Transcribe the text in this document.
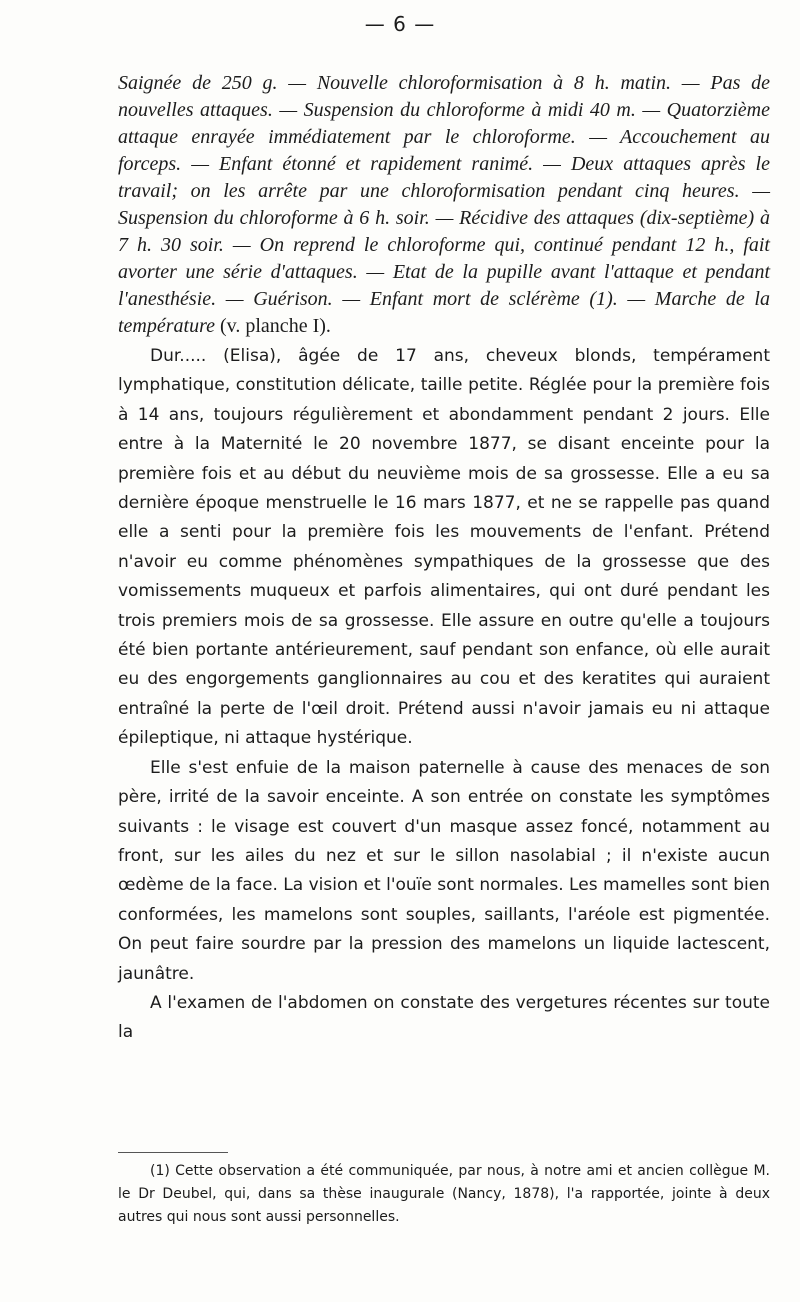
— 6 —

Saignée de 250 g. — Nouvelle chloroformisation à 8 h. matin. — Pas de nouvelles attaques. — Suspension du chloroforme à midi 40 m. — Quatorzième attaque enrayée immédiatement par le chloroforme. — Accouchement au forceps. — Enfant étonné et rapidement ranimé. — Deux attaques après le travail; on les arrête par une chloroformisation pendant cinq heures. — Suspension du chloroforme à 6 h. soir. — Récidive des attaques (dix-septième) à 7 h. 30 soir. — On reprend le chloroforme qui, continué pendant 12 h., fait avorter une série d'attaques. — Etat de la pupille avant l'attaque et pendant l'anesthésie. — Guérison. — Enfant mort de sclérème (1). — Marche de la température (v. planche I).

Dur..... (Elisa), âgée de 17 ans, cheveux blonds, tempérament lymphatique, constitution délicate, taille petite. Réglée pour la première fois à 14 ans, toujours régulièrement et abondamment pendant 2 jours. Elle entre à la Maternité le 20 novembre 1877, se disant enceinte pour la première fois et au début du neuvième mois de sa grossesse. Elle a eu sa dernière époque menstruelle le 16 mars 1877, et ne se rappelle pas quand elle a senti pour la première fois les mouvements de l'enfant. Prétend n'avoir eu comme phénomènes sympathiques de la grossesse que des vomissements muqueux et parfois alimentaires, qui ont duré pendant les trois premiers mois de sa grossesse. Elle assure en outre qu'elle a toujours été bien portante antérieurement, sauf pendant son enfance, où elle aurait eu des engorgements ganglionnaires au cou et des keratites qui auraient entraîné la perte de l'œil droit. Prétend aussi n'avoir jamais eu ni attaque épileptique, ni attaque hystérique.

Elle s'est enfuie de la maison paternelle à cause des menaces de son père, irrité de la savoir enceinte. A son entrée on constate les symptômes suivants : le visage est couvert d'un masque assez foncé, notamment au front, sur les ailes du nez et sur le sillon nasolabial ; il n'existe aucun œdème de la face. La vision et l'ouïe sont normales. Les mamelles sont bien conformées, les mamelons sont souples, saillants, l'aréole est pigmentée. On peut faire sourdre par la pression des mamelons un liquide lactescent, jaunâtre.

A l'examen de l'abdomen on constate des vergetures récentes sur toute la

(1) Cette observation a été communiquée, par nous, à notre ami et ancien collègue M. le Dr Deubel, qui, dans sa thèse inaugurale (Nancy, 1878), l'a rapportée, jointe à deux autres qui nous sont aussi personnelles.
